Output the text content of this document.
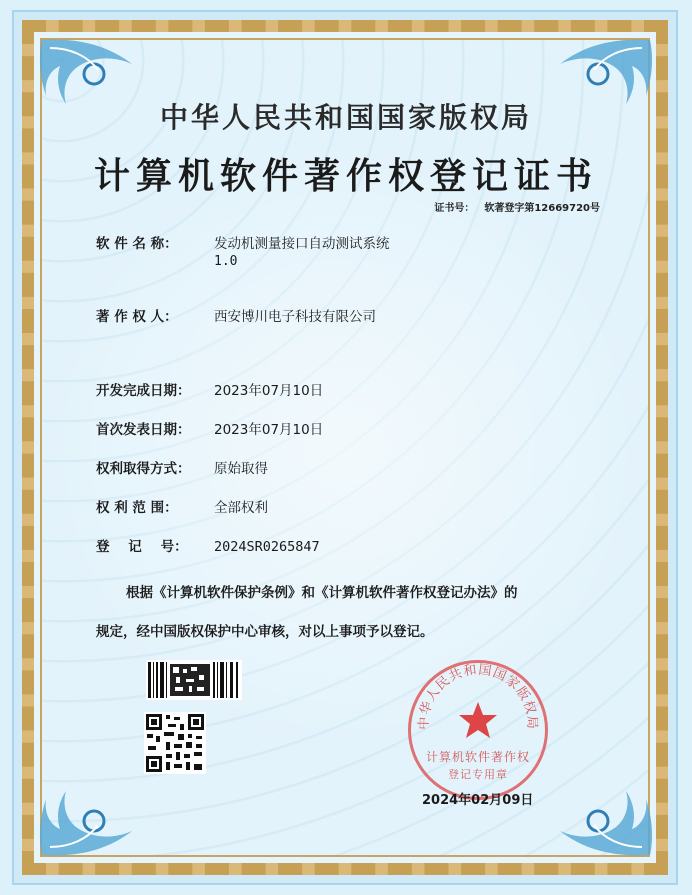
中华人民共和国国家版权局
计算机软件著作权登记证书
证书号： 软著登字第12669720号
软 件 名 称：	发动机测量接口自动测试系统
1.0
著 作 权 人：	西安博川电子科技有限公司
开发完成日期： 2023年07月10日
首次发表日期： 2023年07月10日
权利取得方式： 原始取得
权 利 范 围：	全部权利
登    记    号： 2024SR0265847
根据《计算机软件保护条例》和《计算机软件著作权登记办法》的
规定，经中国版权保护中心审核，对以上事项予以登记。
中华人民共和国国家版权局
计算机软件著作权
登记专用章
2024年02月09日
